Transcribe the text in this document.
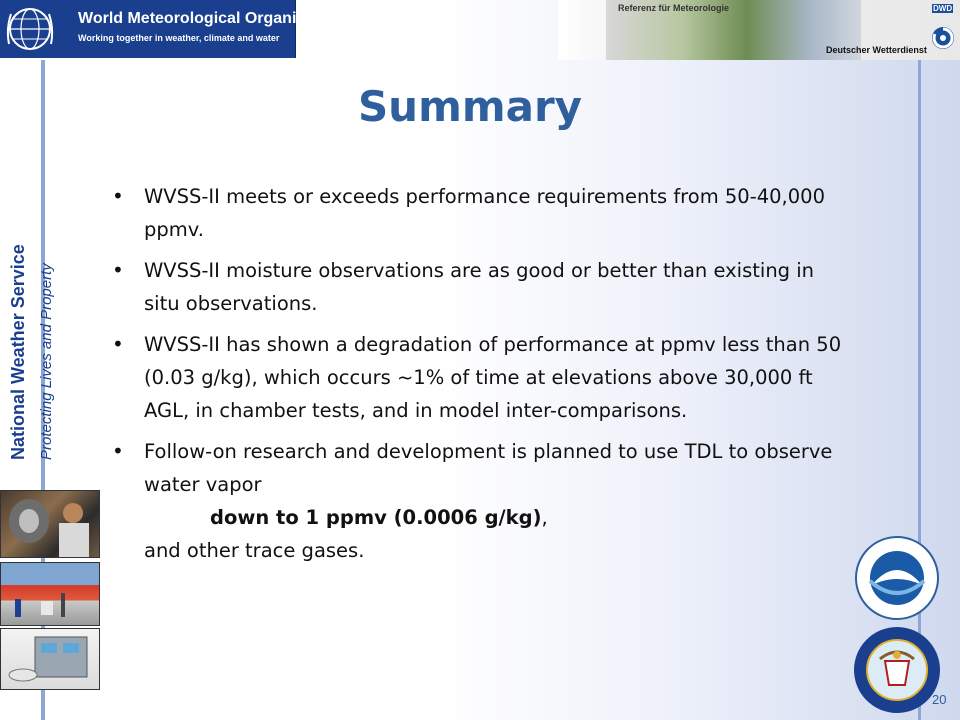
World Meteorological Organization
Working together in weather, climate and water
Referenz für Meteorologie
Deutscher Wetterdienst
DWD
National Weather Service Protecting Lives and Property
Summary
• WVSS-II meets or exceeds performance requirements from 50-40,000 ppmv.
• WVSS-II moisture observations are as good or better than existing in situ observations.
• WVSS-II has shown a degradation of performance at ppmv less than 50 (0.03 g/kg), which occurs ~1% of time at elevations above 30,000 ft AGL, in chamber tests, and in model inter-comparisons.
• Follow-on research and development is planned to use TDL to observe water vapor
down to 1 ppmv (0.0006 g/kg),
and other trace gases.
20
